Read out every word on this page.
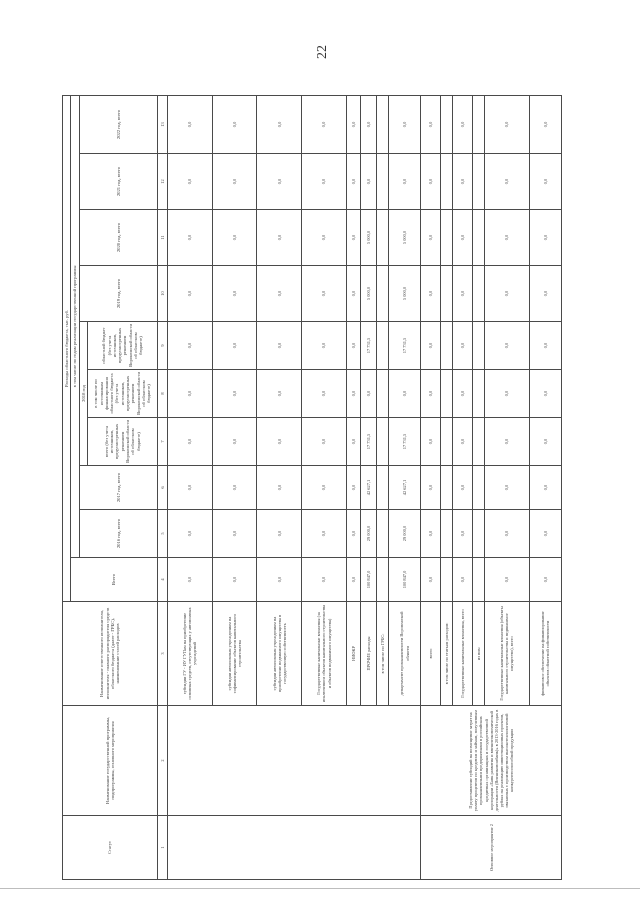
22
Статус	Наименование государственной программы, подпрограммы, основного мероприятия	Наименование ответственного исполнителя, исполнителя - главного распорядителя средств областного бюджета (далее - ГРБС), наименование статей расходов	Расходы областного бюджета, тыс. руб.									
			Всего	в том числе по годам реализации государственной программы								
				2016 год, всего	2017 год, всего	2018 год			2019 год, всего	2020 год, всего	2021 год, всего	2022 год, всего
						всего (без учета источников, предусмотренных решением Воронежской области об областном бюджете)	в том числе по источникам финансирования областного бюджета (без учета источников, предусмотренных решением Воронежской области об областном бюджете)	областной бюджет (без учета источников, предусмотренных решением Воронежской области об областном бюджете)				
1	2	3	4	5	6	7	8	9	10	11	12	13
		субсидии ГУ - ИУ ГУПам на приобретение основных средств, отсутствующих у автономных учреждений	0,0	0,0	0,0	0,0	0,0	0,0	0,0	0,0	0,0	0,0
		субсидии автономным учреждениям на софинансирование объектов капитального строительства	0,0	0,0	0,0	0,0	0,0	0,0	0,0	0,0	0,0	0,0
		субсидии автономным учреждениям на приобретение недвижимого имущества в государственную собственность	0,0	0,0	0,0	0,0	0,0	0,0	0,0	0,0	0,0	0,0
		Государственные капитальные вложения (за исключением объектов капитального строительства и объектов недвижимого имущества)	0,0	0,0	0,0	0,0	0,0	0,0	0,0	0,0	0,0	0,0
		НИОКР	0,0	0,0	0,0	0,0	0,0	0,0	0,0	0,0	0,0	0,0
		ПРОЧИЕ расходы	100 847,0	29 000,0	42 627,1	17 731,5	0,0	17 731,5	5 000,0	5 000,0	0,0	0,0
		в том числе по ГРБС:										
		департамент промышленности Воронежской области	100 847,0	29 000,0	42 627,1	17 731,5	0,0	17 731,5	5 000,0	5 000,0	0,0	0,0
Основное мероприятие 2	Предоставление субсидий на возмещение затрат на уплату процентов по кредитам и займам, полученным промышленными предприятиями в российских кредитных организациях и государственной корпорации «Банк развития и внешнеэкономической деятельности (Внешэкономбанк)» в 2013-2016 годах в рублях на реализацию инвестиционных проектов, связанных с производством высокотехнологичной конкурентоспособной продукции	всего	0,0	0,0	0,0	0,0	0,0	0,0	0,0	0,0	0,0	0,0
		в том числе по статьям расходов:										
		Государственные капитальные вложения, всего	0,0	0,0	0,0	0,0	0,0	0,0	0,0	0,0	0,0	0,0
		из них:										
		Государственные капитальные вложения (объекты капитального строительства и недвижимое имущество), всего	0,0	0,0	0,0	0,0	0,0	0,0	0,0	0,0	0,0	0,0
		финансовое обеспечение на финансирование объектов областной собственности	0,0	0,0	0,0	0,0	0,0	0,0	0,0	0,0	0,0	0,0
